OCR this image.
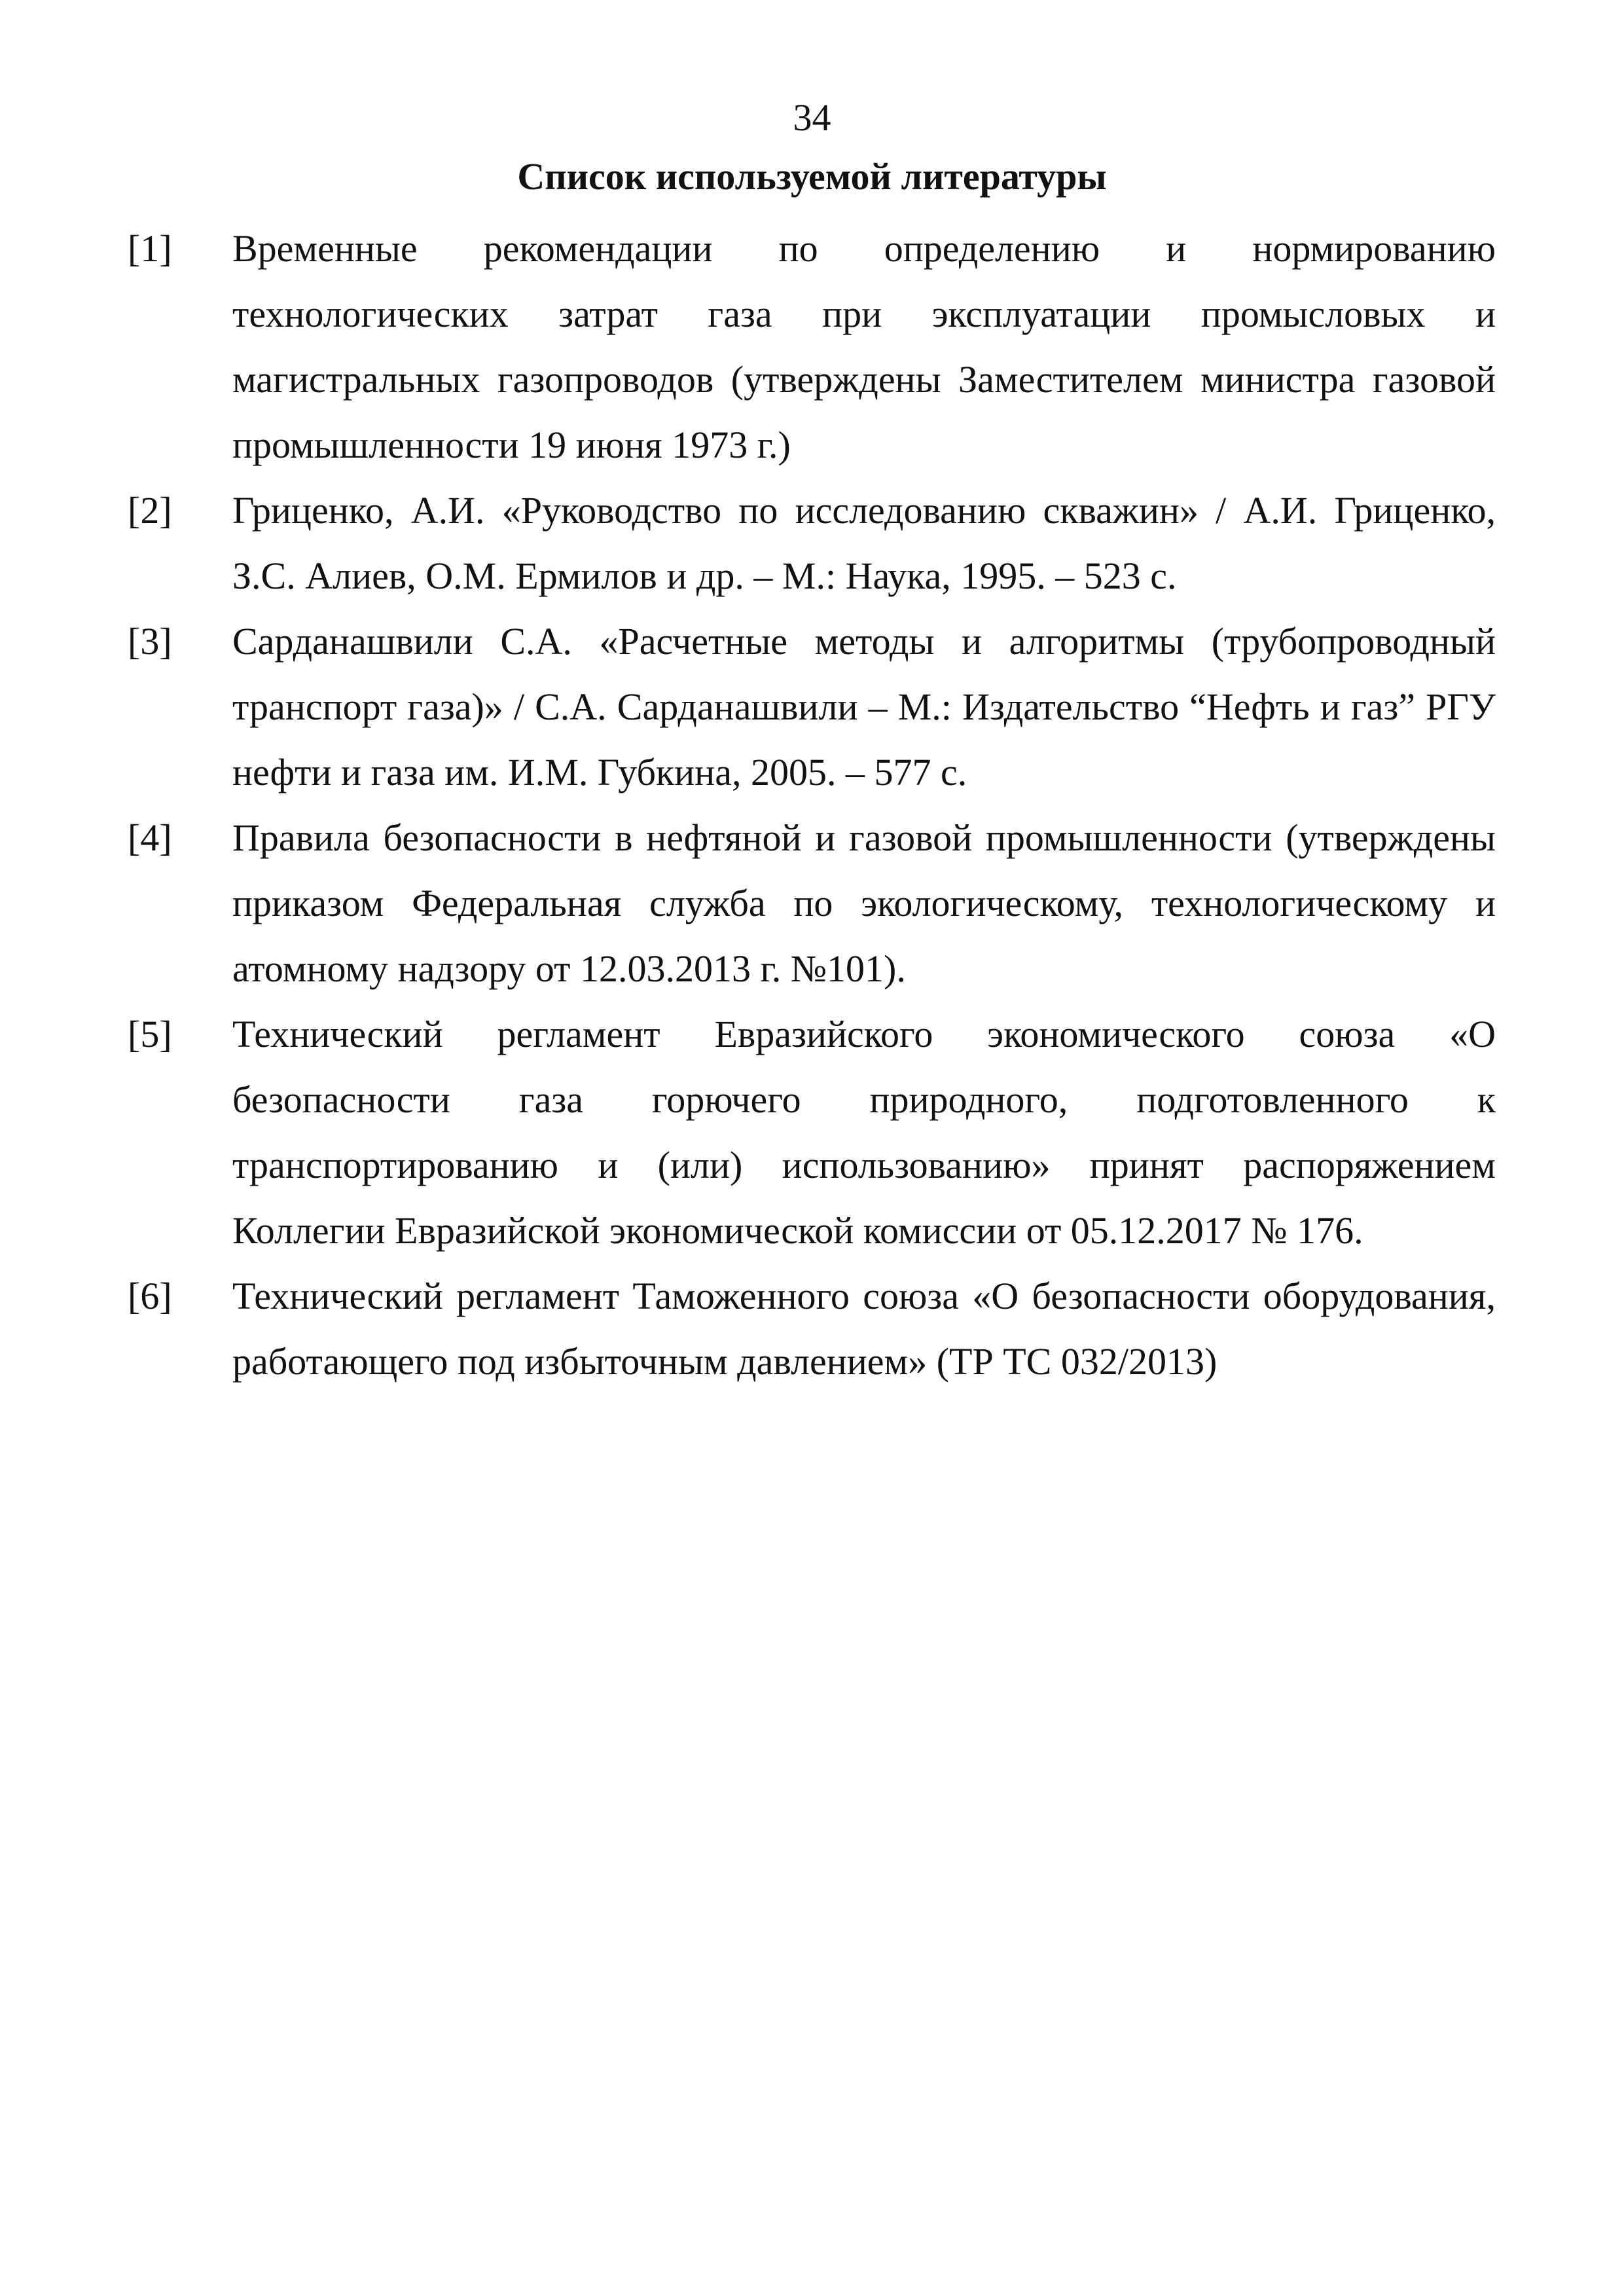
34
Список используемой литературы
[1]	Временные рекомендации по определению и нормированию технологических затрат газа при эксплуатации промысловых и магистральных газопроводов (утверждены Заместителем министра газовой промышленности 19 июня 1973 г.)
[2]	Гриценко, А.И. «Руководство по исследованию скважин» / А.И. Гриценко, З.С. Алиев, О.М. Ермилов и др. – М.: Наука, 1995. – 523 с.
[3]	Сарданашвили С.А. «Расчетные методы и алгоритмы (трубопроводный транспорт газа)» / С.А. Сарданашвили – М.: Издательство “Нефть и газ” РГУ нефти и газа им. И.М. Губкина, 2005. – 577 с.
[4]	Правила безопасности в нефтяной и газовой промышленности (утверждены приказом Федеральная служба по экологическому, технологическому и атомному надзору от 12.03.2013 г. №101).
[5]	Технический регламент Евразийского экономического союза «О безопасности газа горючего природного, подготовленного к транспортированию и (или) использованию» принят распоряжением Коллегии Евразийской экономической комиссии от 05.12.2017 № 176.
[6]	Технический регламент Таможенного союза «О безопасности оборудования, работающего под избыточным давлением» (ТР ТС 032/2013)
